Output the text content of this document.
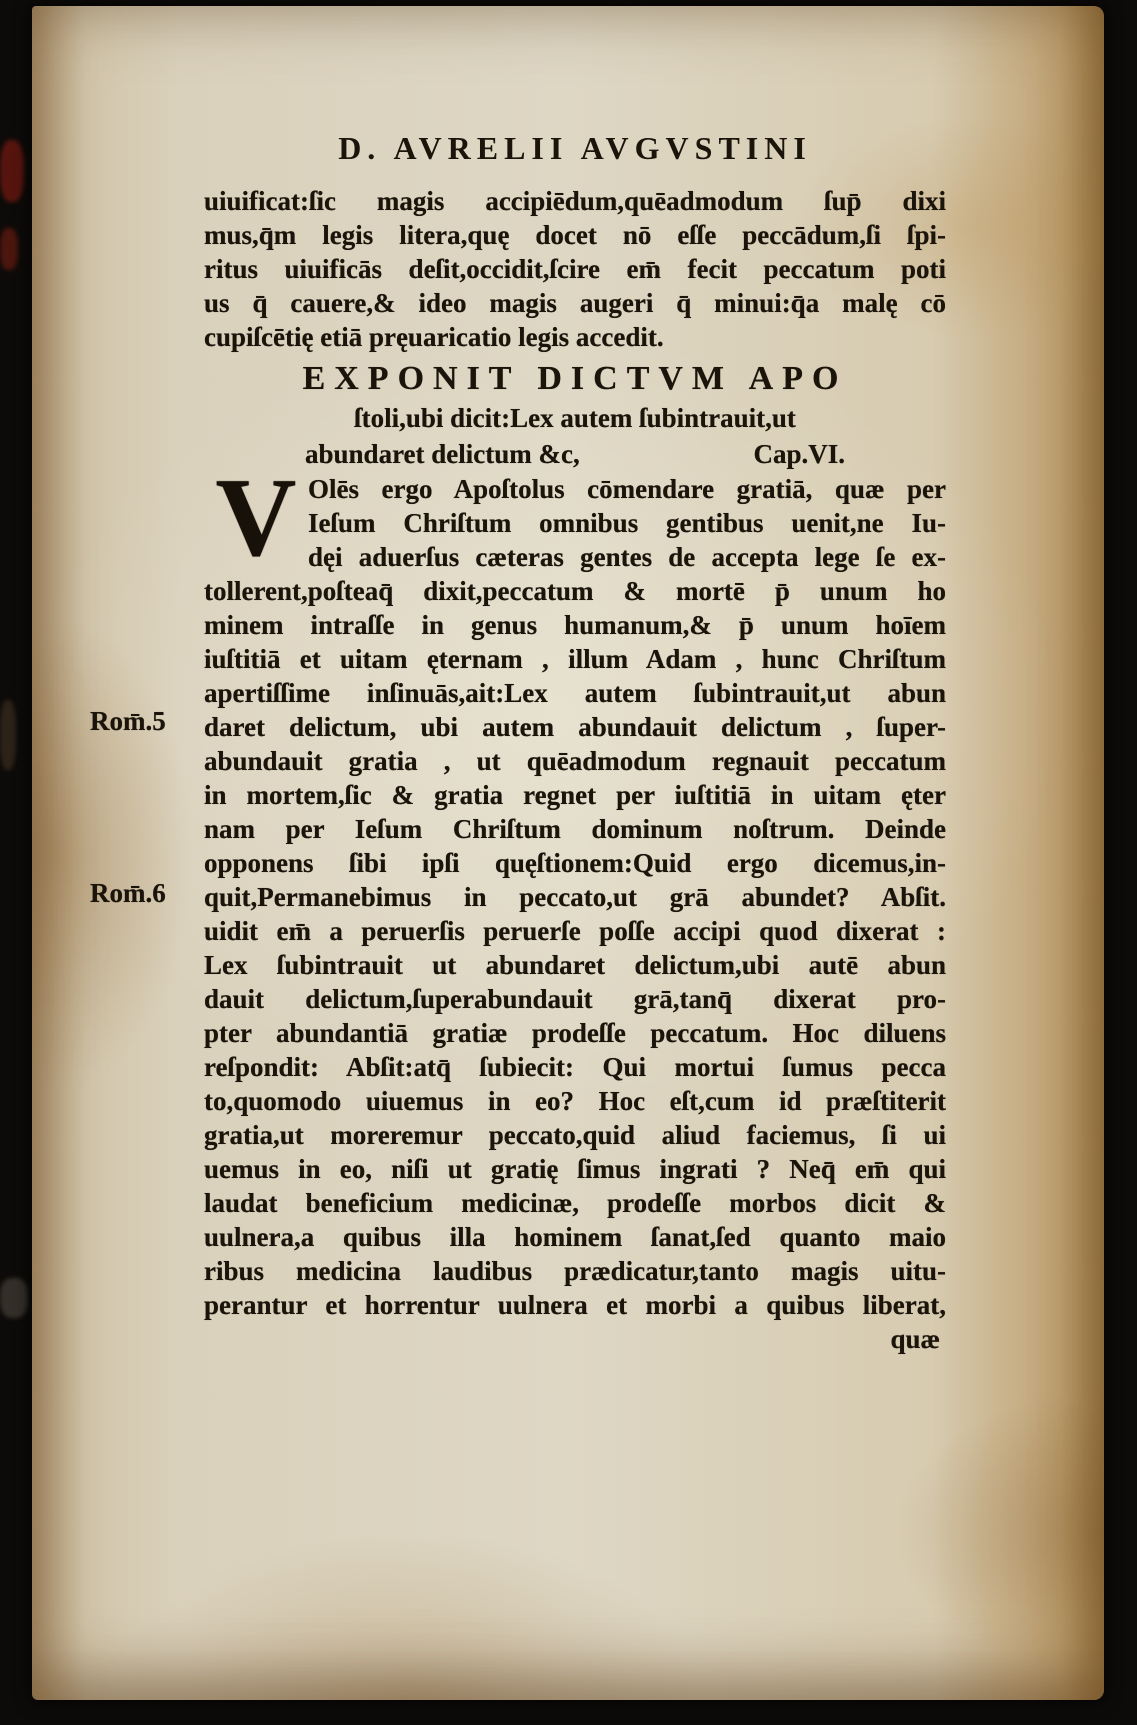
D. AVRELII AVGVSTINI
uiuificat:ſic magis accipiēdum,quēadmodum ſup̄ dixi
mus,q̄m legis litera,quę docet nō eſſe peccādum,ſi ſpi-
ritus uiuificās deſit,occidit,ſcire em̄ fecit peccatum poti
us q̄ cauere,& ideo magis augeri q̄ minui:q̄a malę cō
cupiſcētię etiā pręuaricatio legis accedit.
EXPONIT DICTVM APO
ſtoli,ubi dicit:Lex autem ſubintrauit,ut
abundaret delictum &c,	Cap.VI.
V Olēs ergo Apoſtolus cōmendare gratiā, quæ per
Ieſum Chriſtum omnibus gentibus uenit,ne Iu-
dęi aduerſus cæteras gentes de accepta lege ſe ex-
tollerent,poſteaq̄ dixit,peccatum & mortē p̄ unum ho
minem intraſſe in genus humanum,& p̄ unum hoīem
iuſtitiā et uitam ęternam , illum Adam , hunc Chriſtum
apertiſſime inſinuās,ait:Lex autem ſubintrauit,ut abun
daret delictum, ubi autem abundauit delictum , ſuper-
abundauit gratia , ut quēadmodum regnauit peccatum
in mortem,ſic & gratia regnet per iuſtitiā in uitam ęter
nam per Ieſum Chriſtum dominum noſtrum. Deinde
opponens ſibi ipſi quęſtionem:Quid ergo dicemus,in-
quit,Permanebimus in peccato,ut grā abundet? Abſit.
uidit em̄ a peruerſis peruerſe poſſe accipi quod dixerat :
Lex ſubintrauit ut abundaret delictum,ubi autē abun
dauit delictum,ſuperabundauit grā,tanq̄ dixerat pro-
pter abundantiā gratiæ prodeſſe peccatum. Hoc diluens
reſpondit: Abſit:atq̄ ſubiecit: Qui mortui ſumus pecca
to,quomodo uiuemus in eo? Hoc eſt,cum id præſtiterit
gratia,ut moreremur peccato,quid aliud faciemus, ſi ui
uemus in eo, niſi ut gratię ſimus ingrati ? Neq̄ em̄ qui
laudat beneficium medicinæ, prodeſſe morbos dicit &
uulnera,a quibus illa hominem ſanat,ſed quanto maio
ribus medicina laudibus prædicatur,tanto magis uitu-
perantur et horrentur uulnera et morbi a quibus liberat,
quæ
Rom̄.5
Rom̄.6
